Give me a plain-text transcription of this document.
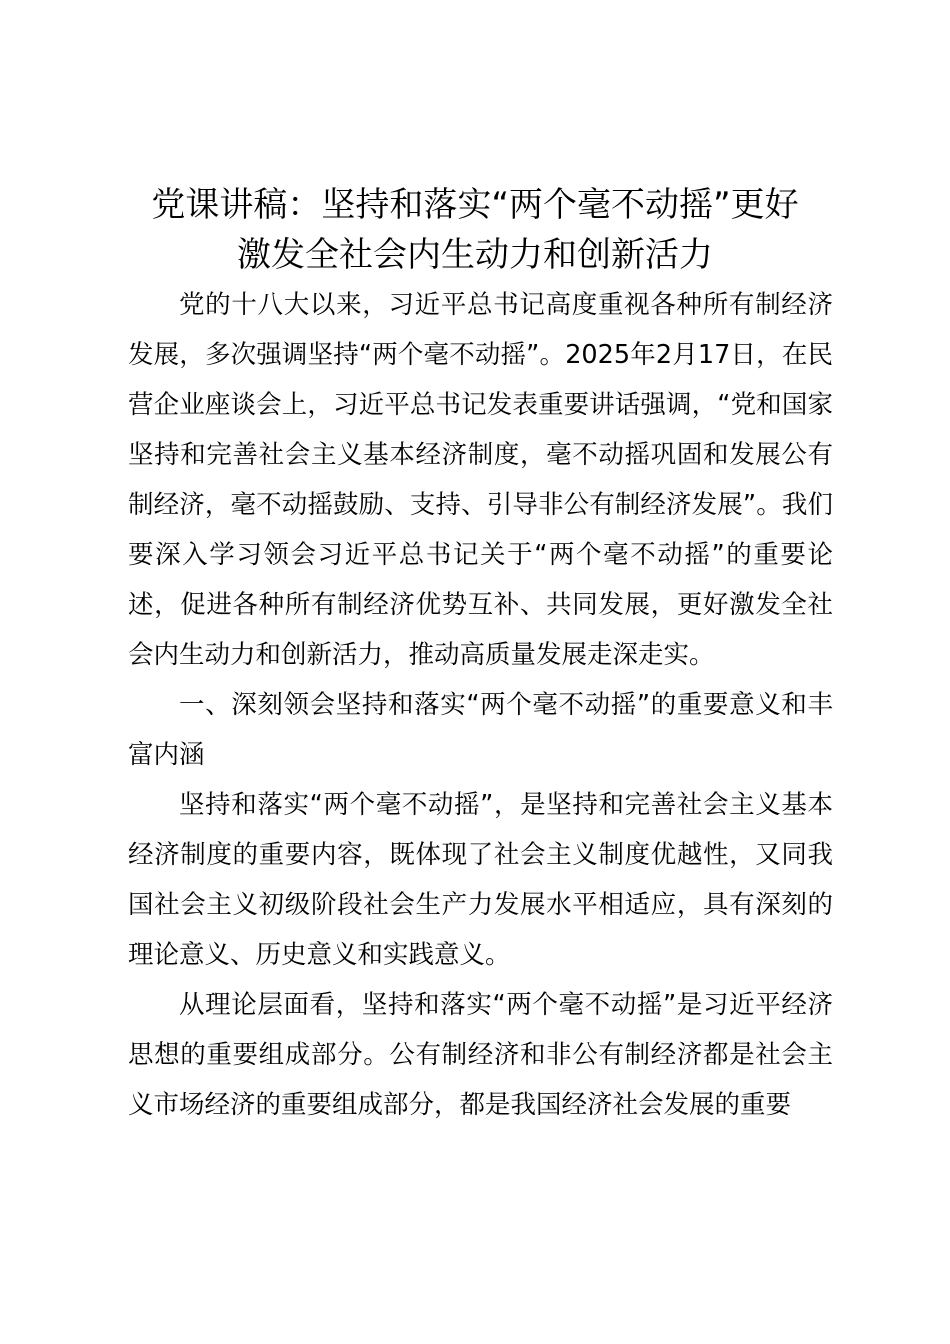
党课讲稿：坚持和落实“两个毫不动摇”更好
激发全社会内生动力和创新活力

党的十八大以来，习近平总书记高度重视各种所有制经济发展，多次强调坚持“两个毫不动摇”。2025年2月17日，在民营企业座谈会上，习近平总书记发表重要讲话强调，“党和国家坚持和完善社会主义基本经济制度，毫不动摇巩固和发展公有制经济，毫不动摇鼓励、支持、引导非公有制经济发展”。我们要深入学习领会习近平总书记关于“两个毫不动摇”的重要论述，促进各种所有制经济优势互补、共同发展，更好激发全社会内生动力和创新活力，推动高质量发展走深走实。

一、深刻领会坚持和落实“两个毫不动摇”的重要意义和丰富内涵

坚持和落实“两个毫不动摇”，是坚持和完善社会主义基本经济制度的重要内容，既体现了社会主义制度优越性，又同我国社会主义初级阶段社会生产力发展水平相适应，具有深刻的理论意义、历史意义和实践意义。

从理论层面看，坚持和落实“两个毫不动摇”是习近平经济思想的重要组成部分。公有制经济和非公有制经济都是社会主义市场经济的重要组成部分，都是我国经济社会发展的重要
